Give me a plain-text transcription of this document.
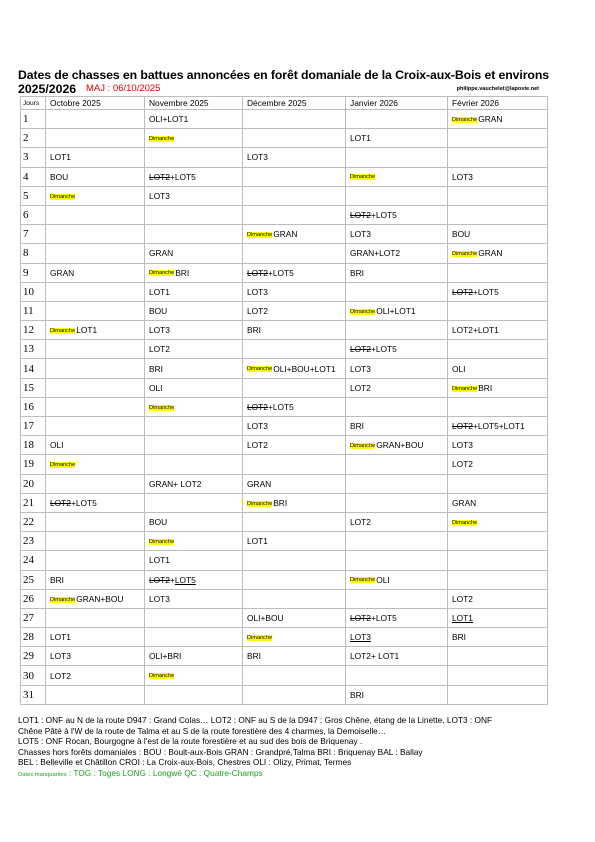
Dates de chasses en battues annoncées en forêt domaniale de la Croix-aux-Bois et environs
2025/2026 MAJ : 06/10/2025	philippe.vauchelet@laposte.net
Jours	Octobre 2025	Novembre 2025	Décembre 2025	Janvier 2026	Février 2026
1		OLI+LOT1			DimancheGRAN
2		Dimanche		LOT1	
3	LOT1		LOT3		
4	BOU	LOT2+LOT5		Dimanche	LOT3
5	Dimanche	LOT3			
6				LOT2+LOT5	
7			DimancheGRAN	LOT3	BOU
8		GRAN		GRAN+LOT2	DimancheGRAN
9	GRAN	DimancheBRI	LOT2+LOT5	BRI	
10		LOT1	LOT3		LOT2+LOT5
11		BOU	LOT2	DimancheOLI+LOT1	
12	DimancheLOT1	LOT3	BRI		LOT2+LOT1
13		LOT2		LOT2+LOT5	
14		BRI	DimancheOLI+BOU+LOT1	LOT3	OLI
15		OLI		LOT2	DimancheBRI
16		Dimanche	LOT2+LOT5		
17			LOT3	BRI	LOT2+LOT5+LOT1
18	OLI		LOT2	DimancheGRAN+BOU	LOT3
19	Dimanche				LOT2
20		GRAN+ LOT2	GRAN		
21	LOT2+LOT5		DimancheBRI		GRAN
22		BOU		LOT2	Dimanche
23		Dimanche	LOT1		
24		LOT1			
25	BRI	LOT2+LOT5		DimancheOLI	
26	DimancheGRAN+BOU	LOT3			LOT2
27			OLI+BOU	LOT2+LOT5	LOT1
28	LOT1		Dimanche	LOT3	BRI
29	LOT3	OLI+BRI	BRI	LOT2+ LOT1	
30	LOT2	Dimanche			
31				BRI	
LOT1 : ONF au N de la route D947 : Grand Colas… LOT2 : ONF au S de la D947 : Gros Chêne, étang de la Linette, LOT3 : ONF
Chêne Pâté à l'W de la route de Talma et au S de la route forestière des 4 charmes, la Demoiselle…
LOT5 : ONF Rocan, Bourgogne à l'est de la route forestière et au sud des bois de Briquenay .
Chasses hors forêts domaniales : BOU : Boult-aux-Bois GRAN : Grandpré,Talma BRI : Briquenay BAL : Ballay
BEL : Belleville et Châtillon CROI : La Croix-aux-Bois, Chestres OLI : Olizy, Primat, Termes
Dates manquantes : TOG : Toges LONG : Longwé QC : Quatre-Champs
